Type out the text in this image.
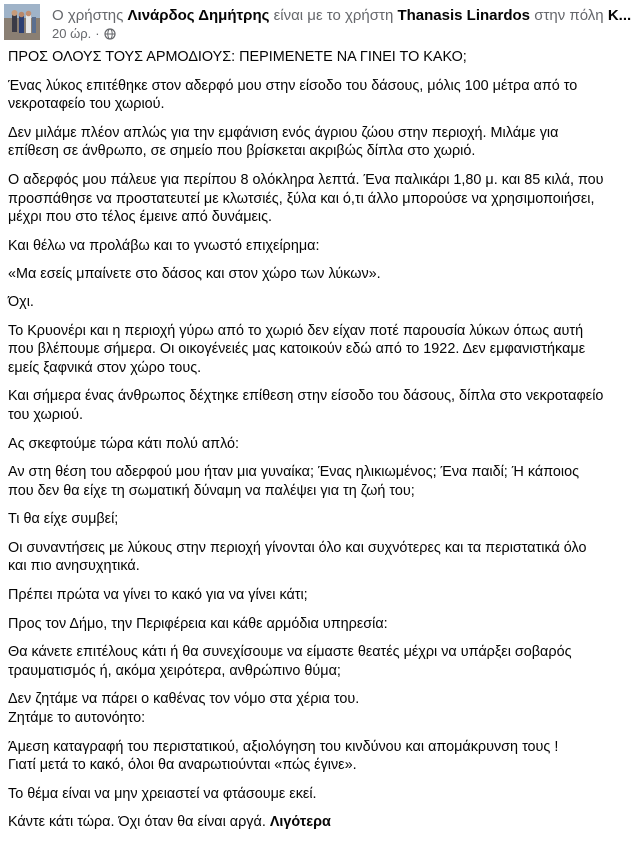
Ο χρήστης Λινάρδος Δημήτρης είναι με το χρήστη Thanasis Linardos στην πόλη Κ...
20 ώρ. ·

ΠΡΟΣ ΟΛΟΥΣ ΤΟΥΣ ΑΡΜΟΔΙΟΥΣ: ΠΕΡΙΜΕΝΕΤΕ ΝΑ ΓΙΝΕΙ ΤΟ ΚΑΚΟ;

Ένας λύκος επιτέθηκε στον αδερφό μου στην είσοδο του δάσους, μόλις 100 μέτρα από το νεκροταφείο του χωριού.

Δεν μιλάμε πλέον απλώς για την εμφάνιση ενός άγριου ζώου στην περιοχή. Μιλάμε για επίθεση σε άνθρωπο, σε σημείο που βρίσκεται ακριβώς δίπλα στο χωριό.

Ο αδερφός μου πάλευε για περίπου 8 ολόκληρα λεπτά. Ένα παλικάρι 1,80 μ. και 85 κιλά, που προσπάθησε να προστατευτεί με κλωτσιές, ξύλα και ό,τι άλλο μπορούσε να χρησιμοποιήσει, μέχρι που στο τέλος έμεινε από δυνάμεις.

Και θέλω να προλάβω και το γνωστό επιχείρημα:

«Μα εσείς μπαίνετε στο δάσος και στον χώρο των λύκων».

Όχι.

Το Κρυονέρι και η περιοχή γύρω από το χωριό δεν είχαν ποτέ παρουσία λύκων όπως αυτή που βλέπουμε σήμερα. Οι οικογένειές μας κατοικούν εδώ από το 1922. Δεν εμφανιστήκαμε εμείς ξαφνικά στον χώρο τους.

Και σήμερα ένας άνθρωπος δέχτηκε επίθεση στην είσοδο του δάσους, δίπλα στο νεκροταφείο του χωριού.

Ας σκεφτούμε τώρα κάτι πολύ απλό:

Αν στη θέση του αδερφού μου ήταν μια γυναίκα; Ένας ηλικιωμένος; Ένα παιδί; Ή κάποιος που δεν θα είχε τη σωματική δύναμη να παλέψει για τη ζωή του;

Τι θα είχε συμβεί;

Οι συναντήσεις με λύκους στην περιοχή γίνονται όλο και συχνότερες και τα περιστατικά όλο και πιο ανησυχητικά.

Πρέπει πρώτα να γίνει το κακό για να γίνει κάτι;

Προς τον Δήμο, την Περιφέρεια και κάθε αρμόδια υπηρεσία:

Θα κάνετε επιτέλους κάτι ή θα συνεχίσουμε να είμαστε θεατές μέχρι να υπάρξει σοβαρός τραυματισμός ή, ακόμα χειρότερα, ανθρώπινο θύμα;

Δεν ζητάμε να πάρει ο καθένας τον νόμο στα χέρια του.
Ζητάμε το αυτονόητο:

Άμεση καταγραφή του περιστατικού, αξιολόγηση του κινδύνου και απομάκρυνση τους !
Γιατί μετά το κακό, όλοι θα αναρωτιούνται «πώς έγινε».

Το θέμα είναι να μην χρειαστεί να φτάσουμε εκεί.

Κάντε κάτι τώρα. Όχι όταν θα είναι αργά. Λιγότερα
